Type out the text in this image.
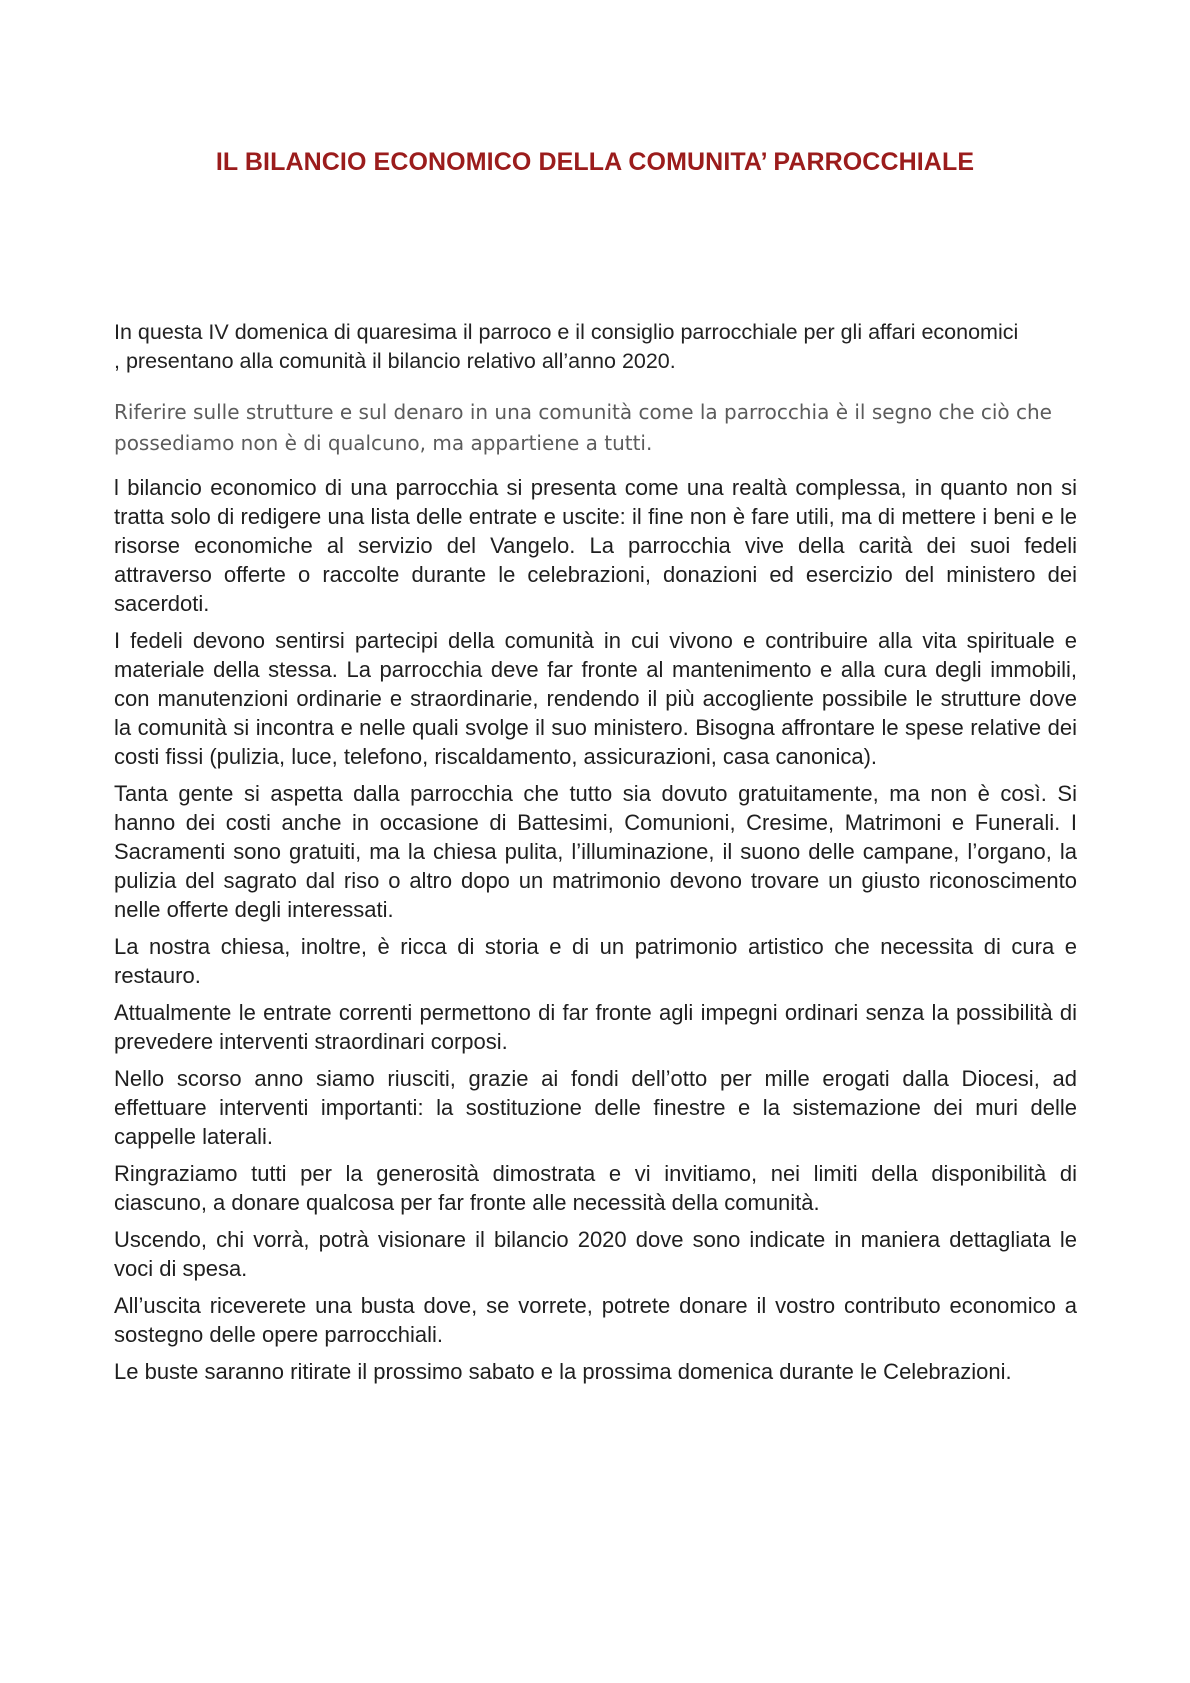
IL BILANCIO ECONOMICO DELLA COMUNITA’ PARROCCHIALE

In questa IV domenica di quaresima il parroco e il consiglio parrocchiale per gli affari economici , presentano alla comunità il bilancio relativo all’anno 2020.

Riferire sulle strutture e sul denaro in una comunità come la parrocchia è il segno che ciò che possediamo non è di qualcuno, ma appartiene a tutti.

l bilancio economico di una parrocchia si presenta come una realtà complessa, in quanto non si tratta solo di redigere una lista delle entrate e uscite: il fine non è fare utili, ma di mettere i beni e le risorse economiche al servizio del Vangelo. La parrocchia vive della carità dei suoi fedeli attraverso offerte o raccolte durante le celebrazioni, donazioni ed esercizio del ministero dei sacerdoti.

I fedeli devono sentirsi partecipi della comunità in cui vivono e contribuire alla vita spirituale e materiale della stessa. La parrocchia deve far fronte al mantenimento e alla cura degli immobili, con manutenzioni ordinarie e straordinarie, rendendo il più accogliente possibile le strutture dove la comunità si incontra e nelle quali svolge il suo ministero. Bisogna affrontare le spese relative dei costi fissi (pulizia, luce, telefono, riscaldamento, assicurazioni, casa canonica).

Tanta gente si aspetta dalla parrocchia che tutto sia dovuto gratuitamente, ma non è così. Si hanno dei costi anche in occasione di Battesimi, Comunioni, Cresime, Matrimoni e Funerali. I Sacramenti sono gratuiti, ma la chiesa pulita, l’illuminazione, il suono delle campane, l’organo, la pulizia del sagrato dal riso o altro dopo un matrimonio devono trovare un giusto riconoscimento nelle offerte degli interessati.

La nostra chiesa, inoltre, è ricca di storia e di un patrimonio artistico che necessita di cura e restauro.

Attualmente le entrate correnti permettono di far fronte agli impegni ordinari senza la possibilità di prevedere interventi straordinari corposi.

Nello scorso anno siamo riusciti, grazie ai fondi dell’otto per mille erogati dalla Diocesi, ad effettuare interventi importanti: la sostituzione delle finestre e la sistemazione dei muri delle cappelle laterali.

Ringraziamo tutti per la generosità dimostrata e vi invitiamo, nei limiti della disponibilità di ciascuno, a donare qualcosa per far fronte alle necessità della comunità.

Uscendo, chi vorrà, potrà visionare il bilancio 2020 dove sono indicate in maniera dettagliata le voci di spesa.

All’uscita riceverete una busta dove, se vorrete, potrete donare il vostro contributo economico a sostegno delle opere parrocchiali.

Le buste saranno ritirate il prossimo sabato e la prossima domenica durante le Celebrazioni.
